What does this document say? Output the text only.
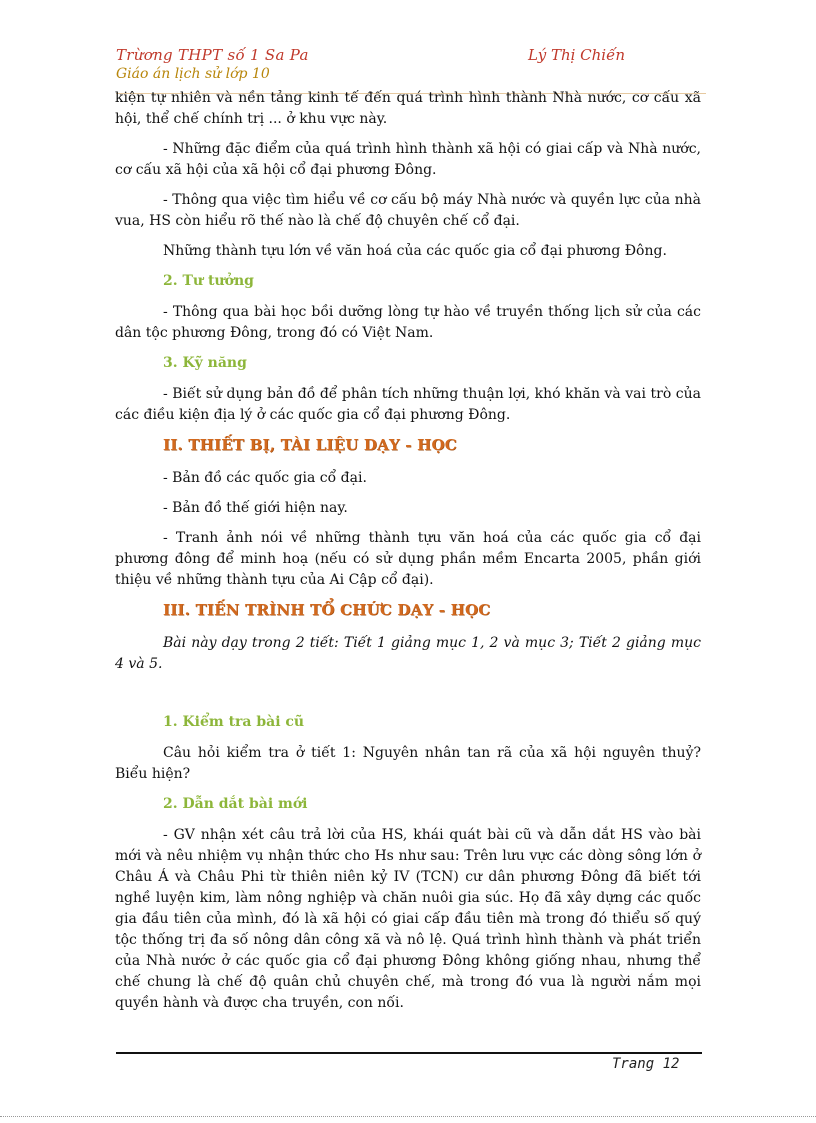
Trừơng THPT số 1 Sa Pa	Lý Thị Chiến
Giáo án lịch sử lớp 10

kiện tự nhiên và nền tảng kinh tế đến quá trình hình thành Nhà nước, cơ cấu xã hội, thể chế chính trị ... ở khu vực này.

- Những đặc điểm của quá trình hình thành xã hội có giai cấp và Nhà nước, cơ cấu xã hội của xã hội cổ đại phương Đông.

- Thông qua việc tìm hiểu về cơ cấu bộ máy Nhà nước và quyền lực của nhà vua, HS còn hiểu rõ thế nào là chế độ chuyên chế cổ đại.

Những thành tựu lớn về văn hoá của các quốc gia cổ đại phương Đông.

2. Tư tưởng

- Thông qua bài học bồi dưỡng lòng tự hào về truyền thống lịch sử của các dân tộc phương Đông, trong đó có Việt Nam.

3. Kỹ năng

- Biết sử dụng bản đồ để phân tích những thuận lợi, khó khăn và vai trò của các điều kiện địa lý ở các quốc gia cổ đại phương Đông.

II. THIẾT BỊ, TÀI LIỆU DẠY - HỌC

- Bản đồ các quốc gia cổ đại.

- Bản đồ thế giới hiện nay.

- Tranh ảnh nói về những thành tựu văn hoá của các quốc gia cổ đại phương đông để minh hoạ (nếu có sử dụng phần mềm Encarta 2005, phần giới thiệu về những thành tựu của Ai Cập cổ đại).

III. TIẾN TRÌNH TỔ CHỨC DẠY - HỌC

Bài này dạy trong 2 tiết: Tiết 1 giảng mục 1, 2 và mục 3; Tiết 2 giảng mục 4 và 5.

1. Kiểm tra bài cũ

Câu hỏi kiểm tra ở tiết 1: Nguyên nhân tan rã của xã hội nguyên thuỷ? Biểu hiện?

2. Dẫn dắt bài mới

- GV nhận xét câu trả lời của HS, khái quát bài cũ và dẫn dắt HS vào bài mới và nêu nhiệm vụ nhận thức cho Hs như sau: Trên lưu vực các dòng sông lớn ở Châu Á và Châu Phi từ thiên niên kỷ IV (TCN) cư dân phương Đông đã biết tới nghề luyện kim, làm nông nghiệp và chăn nuôi gia súc. Họ đã xây dựng các quốc gia đầu tiên của mình, đó là xã hội có giai cấp đầu tiên mà trong đó thiểu số quý tộc thống trị đa số nông dân công xã và nô lệ. Quá trình hình thành và phát triển của Nhà nước ở các quốc gia cổ đại phương Đông không giống nhau, nhưng thể chế chung là chế độ quân chủ chuyên chế, mà trong đó vua là người nắm mọi quyền hành và được cha truyền, con nối.

Trang 12
